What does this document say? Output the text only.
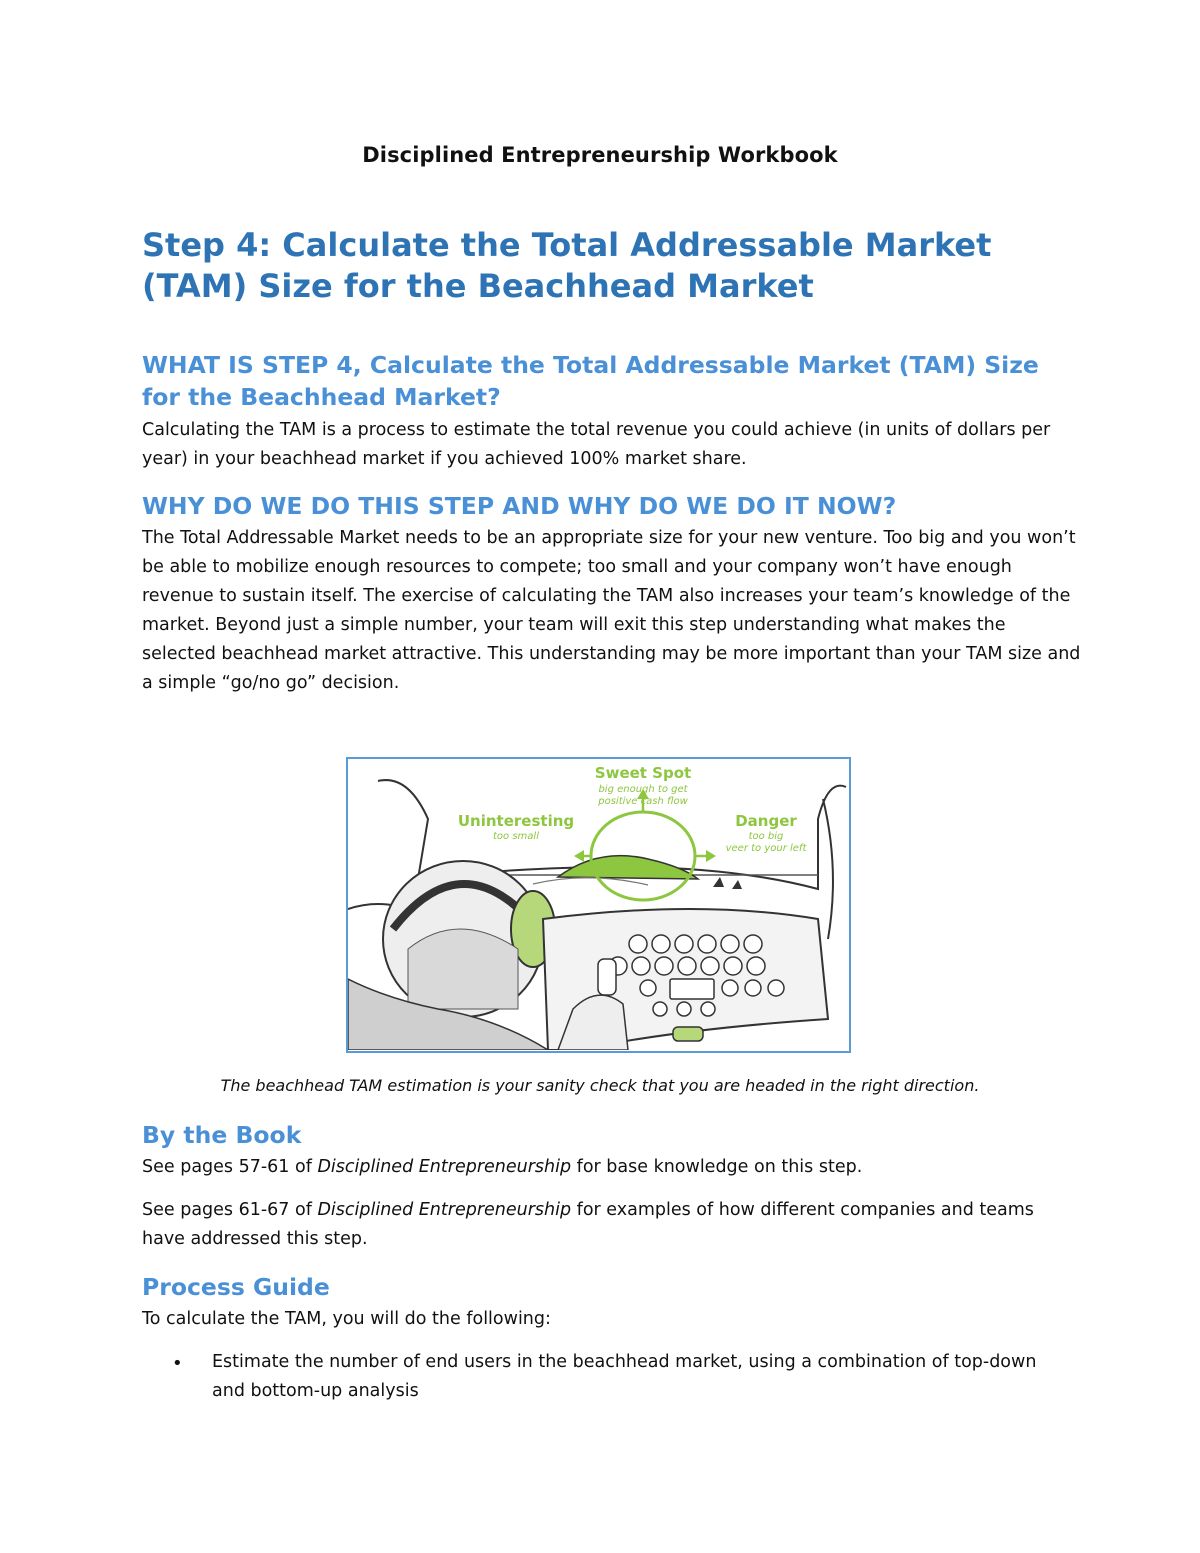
Disciplined Entrepreneurship Workbook
Step 4: Calculate the Total Addressable Market (TAM) Size for the Beachhead Market
WHAT IS STEP 4, Calculate the Total Addressable Market (TAM) Size for the Beachhead Market?
Calculating the TAM is a process to estimate the total revenue you could achieve (in units of dollars per year) in your beachhead market if you achieved 100% market share.
WHY DO WE DO THIS STEP AND WHY DO WE DO IT NOW?
The Total Addressable Market needs to be an appropriate size for your new venture. Too big and you won’t be able to mobilize enough resources to compete; too small and your company won’t have enough revenue to sustain itself. The exercise of calculating the TAM also increases your team’s knowledge of the market. Beyond just a simple number, your team will exit this step understanding what makes the selected beachhead market attractive. This understanding may be more important than your TAM size and a simple “go/no go” decision.
Sweet Spot
big enough to get
positive cash flow
Uninteresting
too small
Danger
too big
veer to your left
The beachhead TAM estimation is your sanity check that you are headed in the right direction.
By the Book
See pages 57-61 of Disciplined Entrepreneurship for base knowledge on this step.
See pages 61-67 of Disciplined Entrepreneurship for examples of how different companies and teams have addressed this step.
Process Guide
To calculate the TAM, you will do the following:
• Estimate the number of end users in the beachhead market, using a combination of top-down and bottom-up analysis
